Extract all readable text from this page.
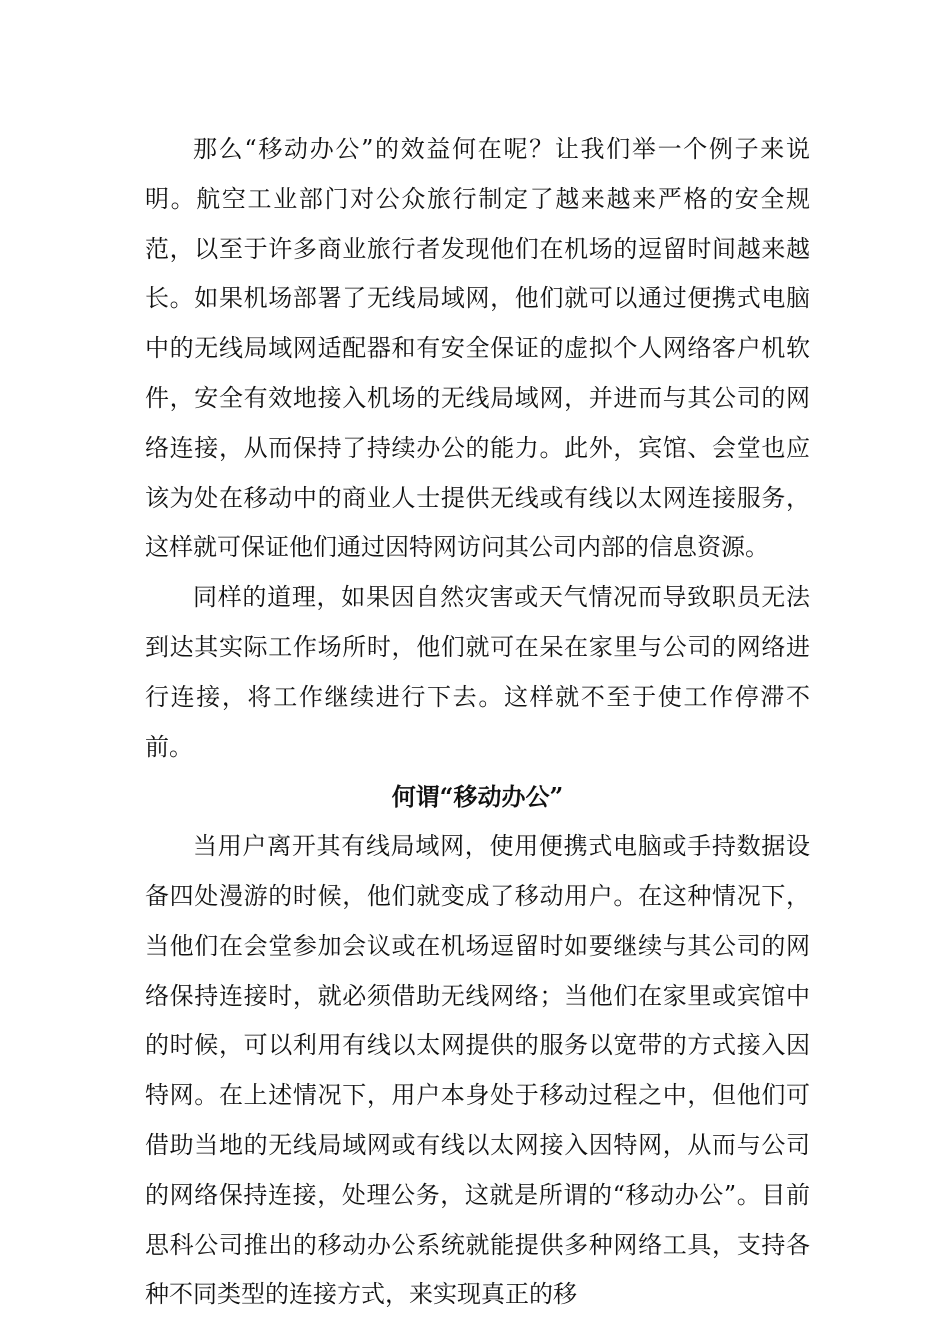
那么“移动办公”的效益何在呢？让我们举一个例子来说明。航空工业部门对公众旅行制定了越来越来严格的安全规范，以至于许多商业旅行者发现他们在机场的逗留时间越来越长。如果机场部署了无线局域网，他们就可以通过便携式电脑中的无线局域网适配器和有安全保证的虚拟个人网络客户机软件，安全有效地接入机场的无线局域网，并进而与其公司的网络连接，从而保持了持续办公的能力。此外，宾馆、会堂也应该为处在移动中的商业人士提供无线或有线以太网连接服务，这样就可保证他们通过因特网访问其公司内部的信息资源。

同样的道理，如果因自然灾害或天气情况而导致职员无法到达其实际工作场所时，他们就可在呆在家里与公司的网络进行连接，将工作继续进行下去。这样就不至于使工作停滞不前。

何谓“移动办公”

当用户离开其有线局域网，使用便携式电脑或手持数据设备四处漫游的时候，他们就变成了移动用户。在这种情况下，当他们在会堂参加会议或在机场逗留时如要继续与其公司的网络保持连接时，就必须借助无线网络；当他们在家里或宾馆中的时候，可以利用有线以太网提供的服务以宽带的方式接入因特网。在上述情况下，用户本身处于移动过程之中，但他们可借助当地的无线局域网或有线以太网接入因特网，从而与公司的网络保持连接，处理公务，这就是所谓的“移动办公”。目前思科公司推出的移动办公系统就能提供多种网络工具，支持各种不同类型的连接方式，来实现真正的移
